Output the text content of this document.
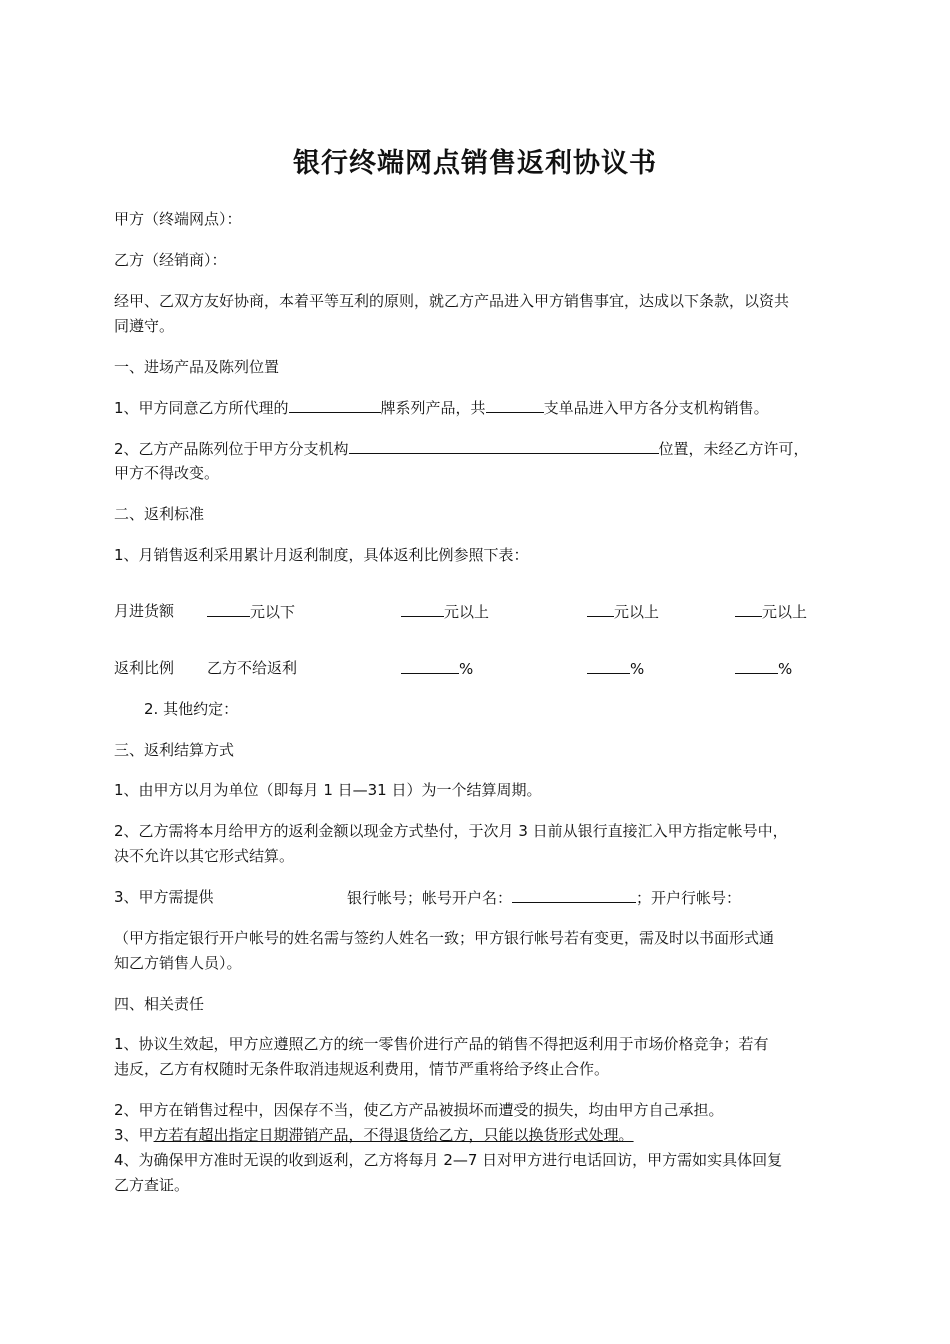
银行终端网点销售返利协议书
甲方（终端网点）：
乙方（经销商）：
经甲、乙双方友好协商，本着平等互利的原则，就乙方产品进入甲方销售事宜，达成以下条款，以资共
同遵守。
一、进场产品及陈列位置
1、甲方同意乙方所代理的	牌系列产品，共	支单品进入甲方各分支机构销售。
2、乙方产品陈列位于甲方分支机构	位置，未经乙方许可，
甲方不得改变。
二、返利标准
1、月销售返利采用累计月返利制度，具体返利比例参照下表：
月进货额	元以下	元以上	元以上	元以上
返利比例 乙方不给返利	%	%	%
2. 其他约定：
三、返利结算方式
1、由甲方以月为单位（即每月 1 日—31 日）为一个结算周期。
2、乙方需将本月给甲方的返利金额以现金方式垫付，于次月 3 日前从银行直接汇入甲方指定帐号中，
决不允许以其它形式结算。
3、甲方需提供	银行帐号；帐号开户名：	；开户行帐号：
（甲方指定银行开户帐号的姓名需与签约人姓名一致；甲方银行帐号若有变更，需及时以书面形式通
知乙方销售人员）。
四、相关责任
1、协议生效起，甲方应遵照乙方的统一零售价进行产品的销售不得把返利用于市场价格竞争；若有
违反，乙方有权随时无条件取消违规返利费用，情节严重将给予终止合作。
2、甲方在销售过程中，因保存不当，使乙方产品被损坏而遭受的损失，均由甲方自己承担。
3、甲方若有超出指定日期滞销产品，不得退货给乙方，只能以换货形式处理。
4、为确保甲方准时无误的收到返利，乙方将每月 2—7 日对甲方进行电话回访，甲方需如实具体回复
乙方查证。
